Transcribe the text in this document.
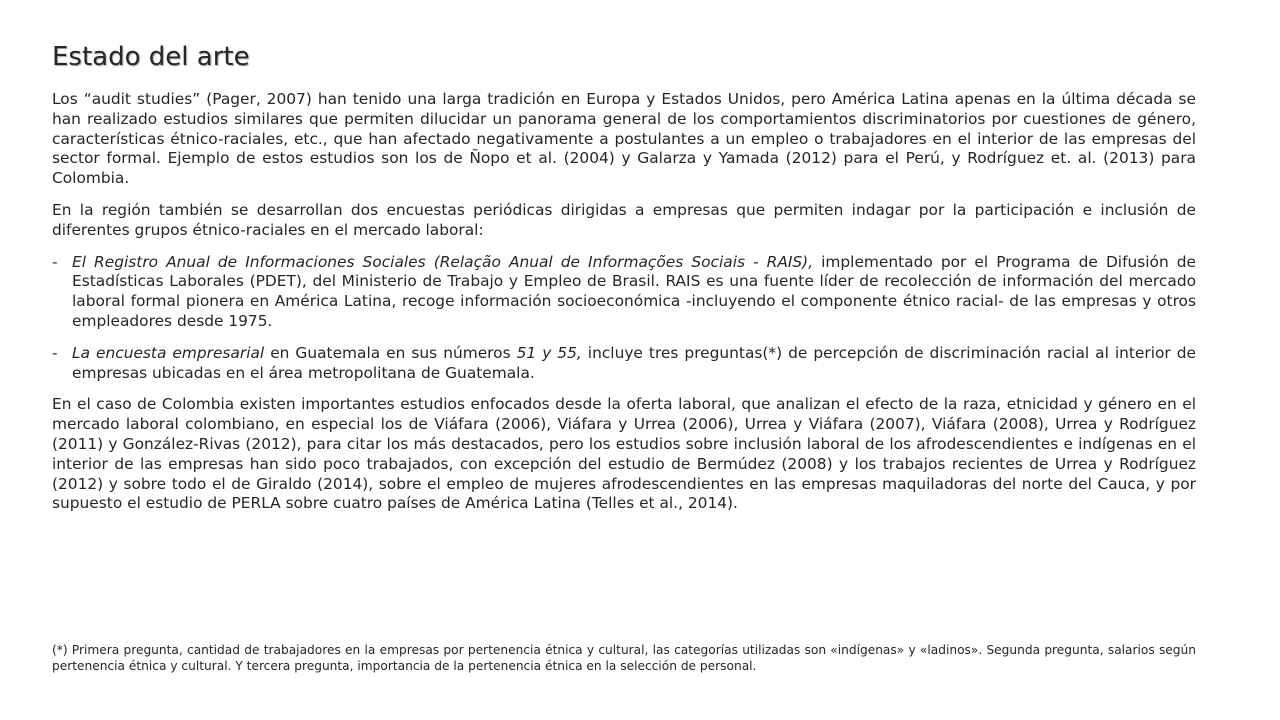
Estado del arte

Los “audit studies” (Pager, 2007) han tenido una larga tradición en Europa y Estados Unidos, pero América Latina apenas en la última década se han realizado estudios similares que permiten dilucidar un panorama general de los comportamientos discriminatorios por cuestiones de género, características étnico-raciales, etc., que han afectado negativamente a postulantes a un empleo o trabajadores en el interior de las empresas del sector formal. Ejemplo de estos estudios son los de Ñopo et al. (2004) y Galarza y Yamada (2012) para el Perú, y Rodríguez et. al. (2013) para Colombia.

En la región también se desarrollan dos encuestas periódicas dirigidas a empresas que permiten indagar por la participación e inclusión de diferentes grupos étnico-raciales en el mercado laboral:

- El Registro Anual de Informaciones Sociales (Relação Anual de Informações Sociais - RAIS), implementado por el Programa de Difusión de Estadísticas Laborales (PDET), del Ministerio de Trabajo y Empleo de Brasil. RAIS es una fuente líder de recolección de información del mercado laboral formal pionera en América Latina, recoge información socioeconómica -incluyendo el componente étnico racial- de las empresas y otros empleadores desde 1975.

- La encuesta empresarial en Guatemala en sus números 51 y 55, incluye tres preguntas(*) de percepción de discriminación racial al interior de empresas ubicadas en el área metropolitana de Guatemala.

En el caso de Colombia existen importantes estudios enfocados desde la oferta laboral, que analizan el efecto de la raza, etnicidad y género en el mercado laboral colombiano, en especial los de Viáfara (2006), Viáfara y Urrea (2006), Urrea y Viáfara (2007), Viáfara (2008), Urrea y Rodríguez (2011) y González-Rivas (2012), para citar los más destacados, pero los estudios sobre inclusión laboral de los afrodescendientes e indígenas en el interior de las empresas han sido poco trabajados, con excepción del estudio de Bermúdez (2008) y los trabajos recientes de Urrea y Rodríguez (2012) y sobre todo el de Giraldo (2014), sobre el empleo de mujeres afrodescendientes en las empresas maquiladoras del norte del Cauca, y por supuesto el estudio de PERLA sobre cuatro países de América Latina (Telles et al., 2014).

(*) Primera pregunta, cantidad de trabajadores en la empresas por pertenencia étnica y cultural, las categorías utilizadas son «indígenas» y «ladinos». Segunda pregunta, salarios según pertenencia étnica y cultural. Y tercera pregunta, importancia de la pertenencia étnica en la selección de personal.
